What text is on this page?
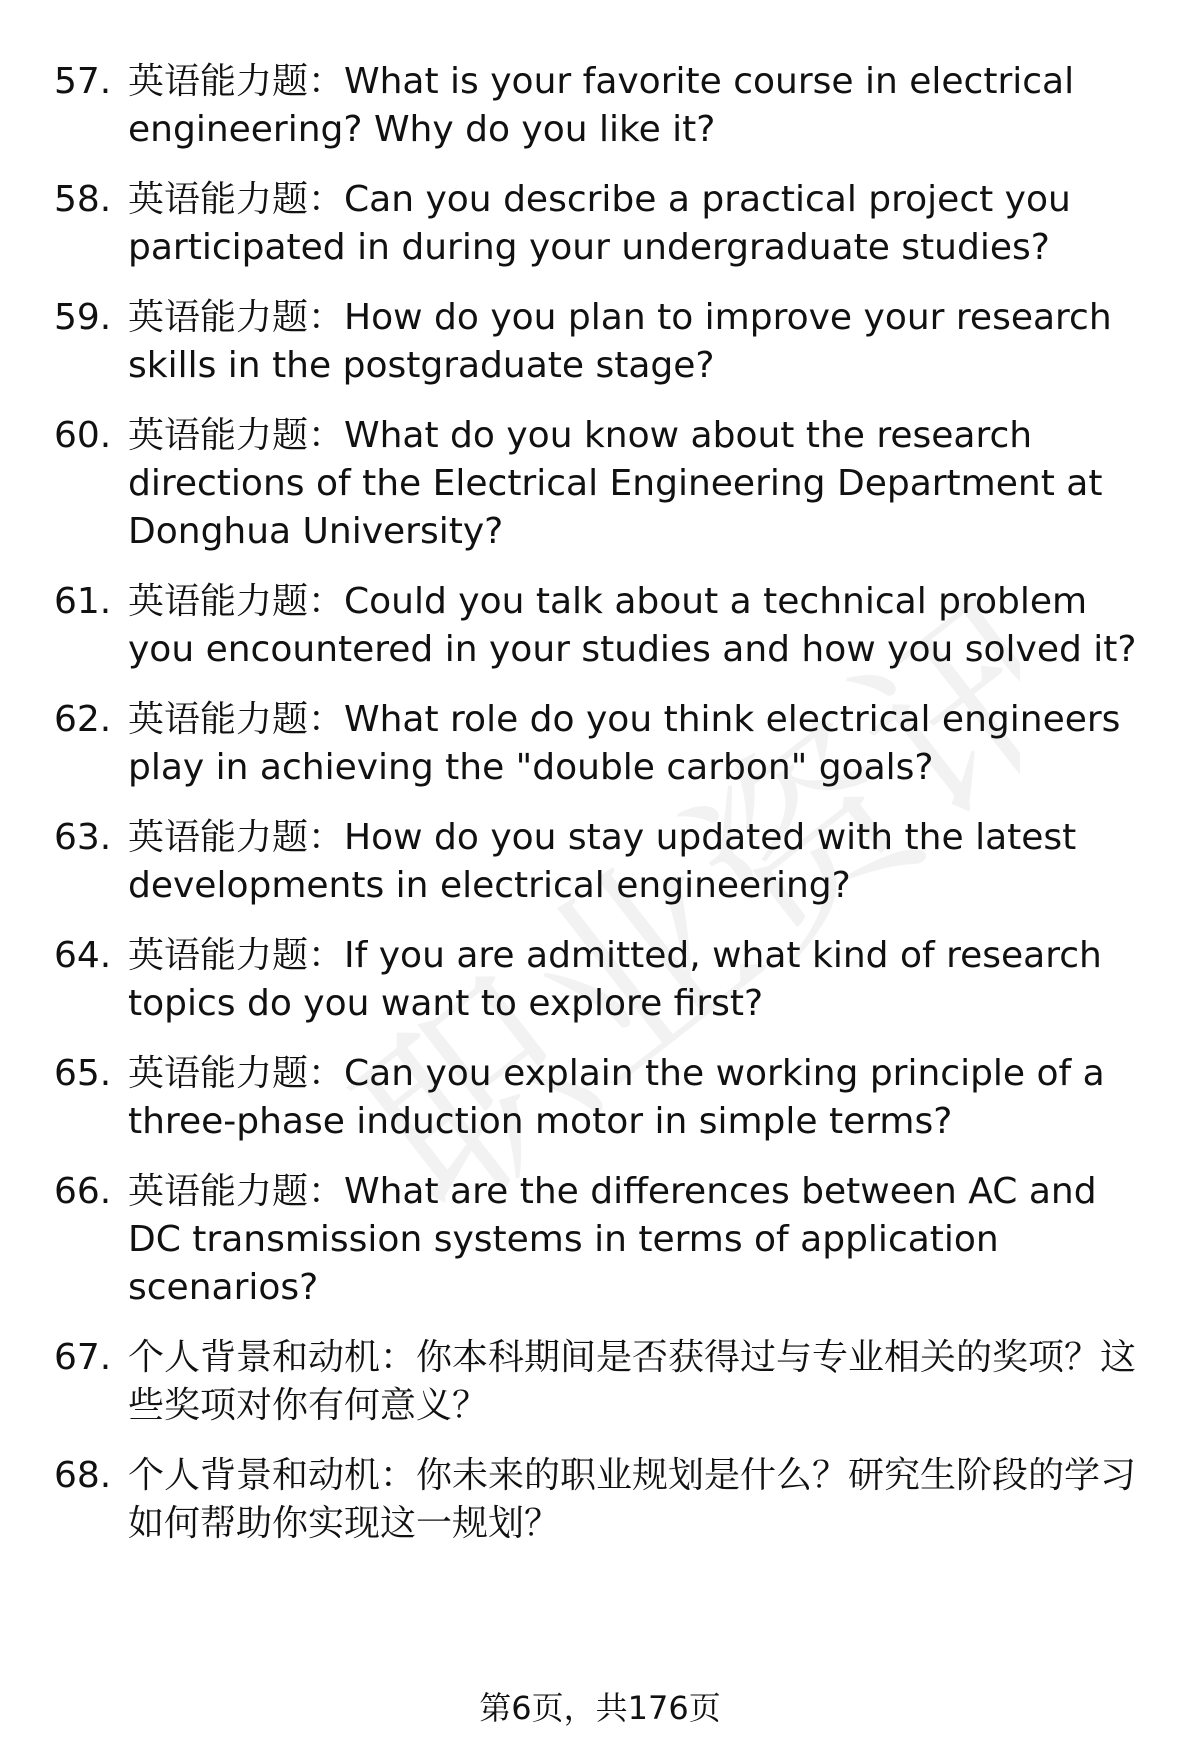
职业资讯
57. 英语能力题：What is your favorite course in electrical engineering? Why do you like it?
58. 英语能力题：Can you describe a practical project you participated in during your undergraduate studies?
59. 英语能力题：How do you plan to improve your research skills in the postgraduate stage?
60. 英语能力题：What do you know about the research directions of the Electrical Engineering Department at Donghua University?
61. 英语能力题：Could you talk about a technical problem you encountered in your studies and how you solved it?
62. 英语能力题：What role do you think electrical engineers play in achieving the "double carbon" goals?
63. 英语能力题：How do you stay updated with the latest developments in electrical engineering?
64. 英语能力题：If you are admitted, what kind of research topics do you want to explore first?
65. 英语能力题：Can you explain the working principle of a three-phase induction motor in simple terms?
66. 英语能力题：What are the differences between AC and DC transmission systems in terms of application scenarios?
67. 个人背景和动机：你本科期间是否获得过与专业相关的奖项？这些奖项对你有何意义？
68. 个人背景和动机：你未来的职业规划是什么？研究生阶段的学习如何帮助你实现这一规划？
第6页，共176页
